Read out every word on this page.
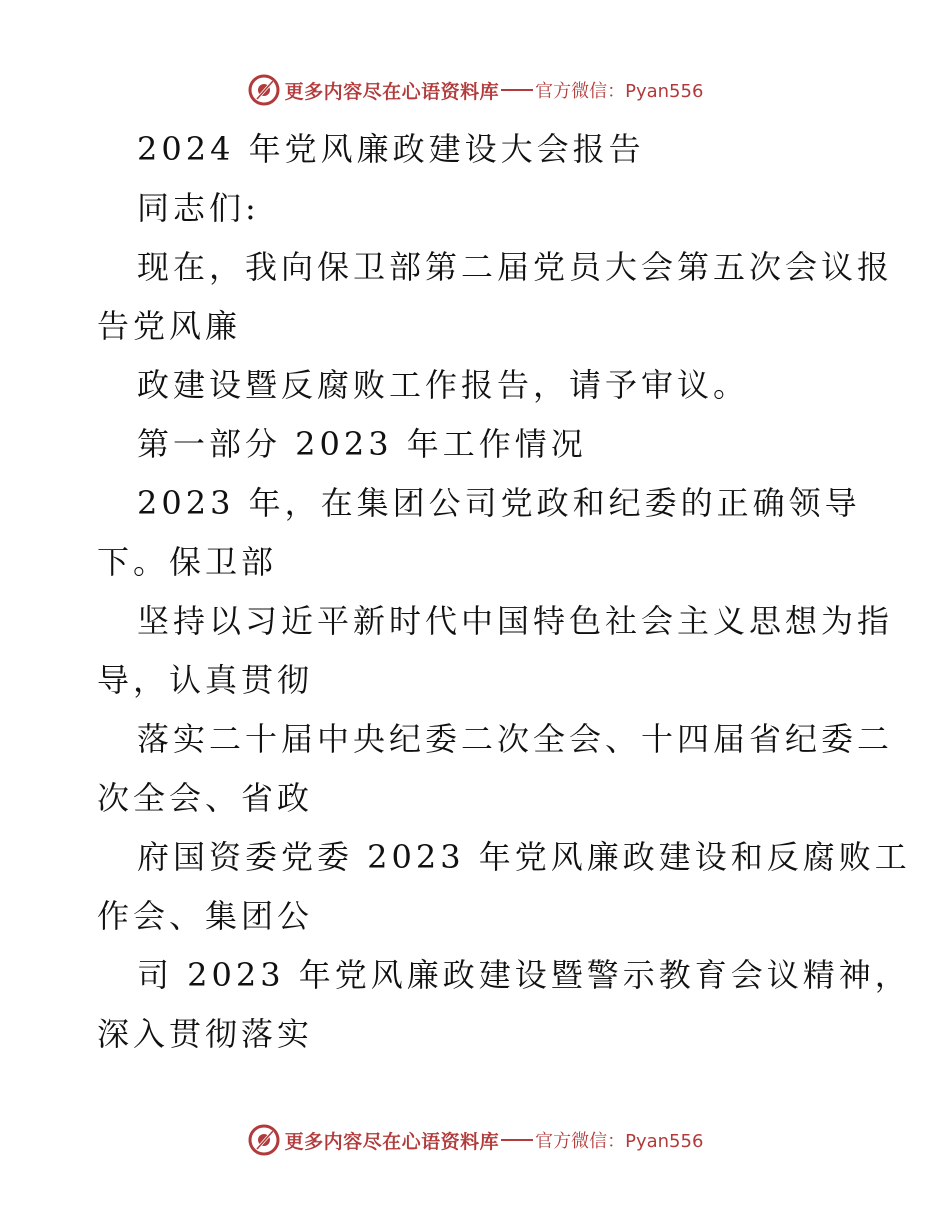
更多内容尽在心语资料库 官方微信：Pyan556
2024 年党风廉政建设大会报告
同志们:
现在，我向保卫部第二届党员大会第五次会议报
告党风廉
政建设暨反腐败工作报告，请予审议。
第一部分 2023 年工作情况
2023 年，在集团公司党政和纪委的正确领导
下。保卫部
坚持以习近平新时代中国特色社会主义思想为指
导，认真贯彻
落实二十届中央纪委二次全会、十四届省纪委二
次全会、省政
府国资委党委 2023 年党风廉政建设和反腐败工
作会、集团公
司 2023 年党风廉政建设暨警示教育会议精神，
深入贯彻落实
更多内容尽在心语资料库 官方微信：Pyan556
